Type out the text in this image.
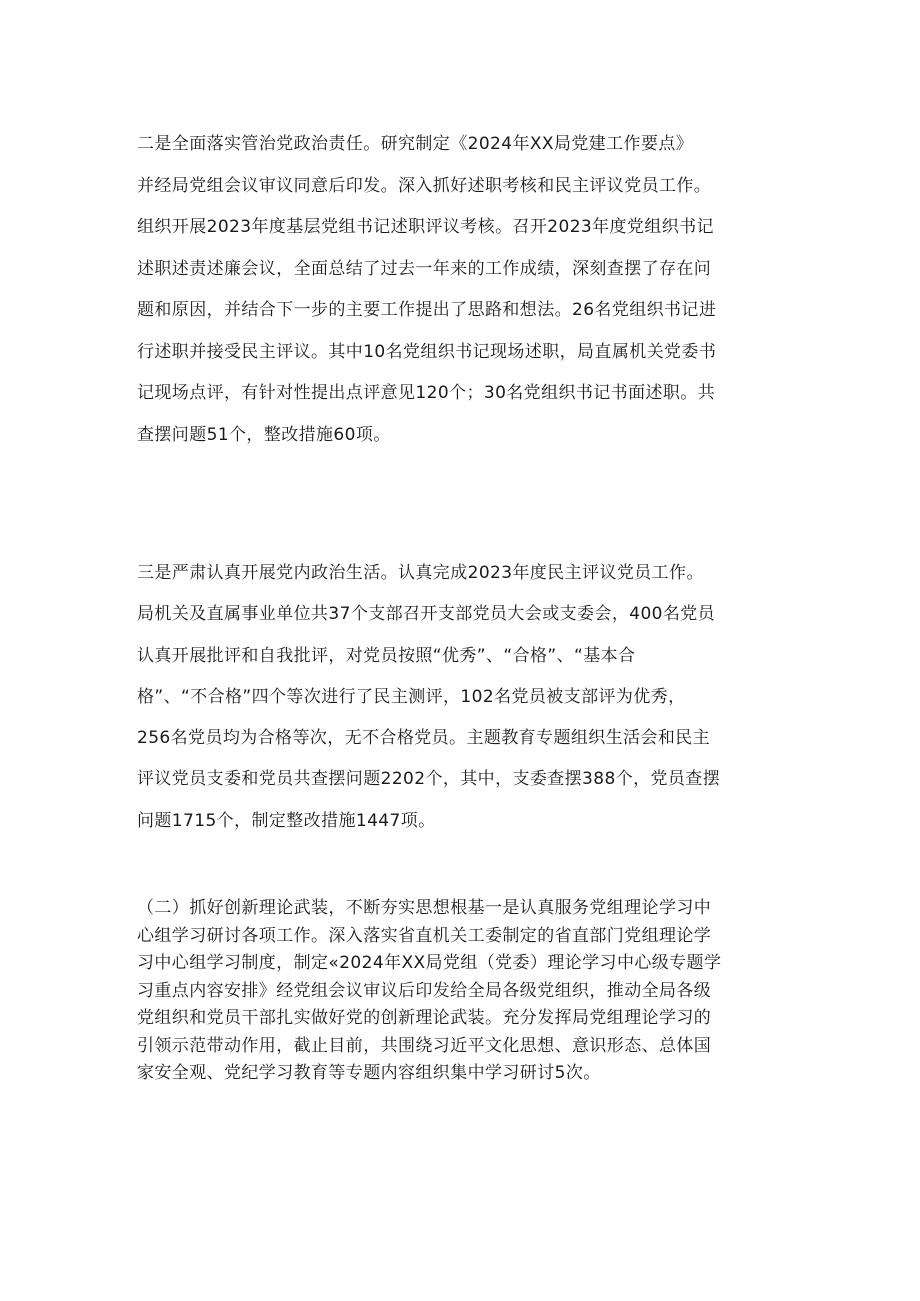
二是全面落实管治党政治责任。研究制定《2024年XX局党建工作要点》
并经局党组会议审议同意后印发。深入抓好述职考核和民主评议党员工作。
组织开展2023年度基层党组书记述职评议考核。召开2023年度党组织书记
述职述责述廉会议，全面总结了过去一年来的工作成绩，深刻查摆了存在问
题和原因，并结合下一步的主要工作提出了思路和想法。26名党组织书记进
行述职并接受民主评议。其中10名党组织书记现场述职，局直属机关党委书
记现场点评，有针对性提出点评意见120个；30名党组织书记书面述职。共
查摆问题51个，整改措施60项。
三是严肃认真开展党内政治生活。认真完成2023年度民主评议党员工作。
局机关及直属事业单位共37个支部召开支部党员大会或支委会，400名党员
认真开展批评和自我批评，对党员按照“优秀”、“合格”、“基本合
格”、“不合格”四个等次进行了民主测评，102名党员被支部评为优秀，
256名党员均为合格等次，无不合格党员。主题教育专题组织生活会和民主
评议党员支委和党员共查摆问题2202个，其中，支委查摆388个，党员查摆
问题1715个，制定整改措施1447项。
（二）抓好创新理论武装，不断夯实思想根基一是认真服务党组理论学习中
心组学习研讨各项工作。深入落实省直机关工委制定的省直部门党组理论学
习中心组学习制度，制定«2024年XX局党组（党委）理论学习中心级专题学
习重点内容安排》经党组会议审议后印发给全局各级党组织，推动全局各级
党组织和党员干部扎实做好党的创新理论武装。充分发挥局党组理论学习的
引领示范带动作用，截止目前，共围绕习近平文化思想、意识形态、总体国
家安全观、党纪学习教育等专题内容组织集中学习研讨5次。
